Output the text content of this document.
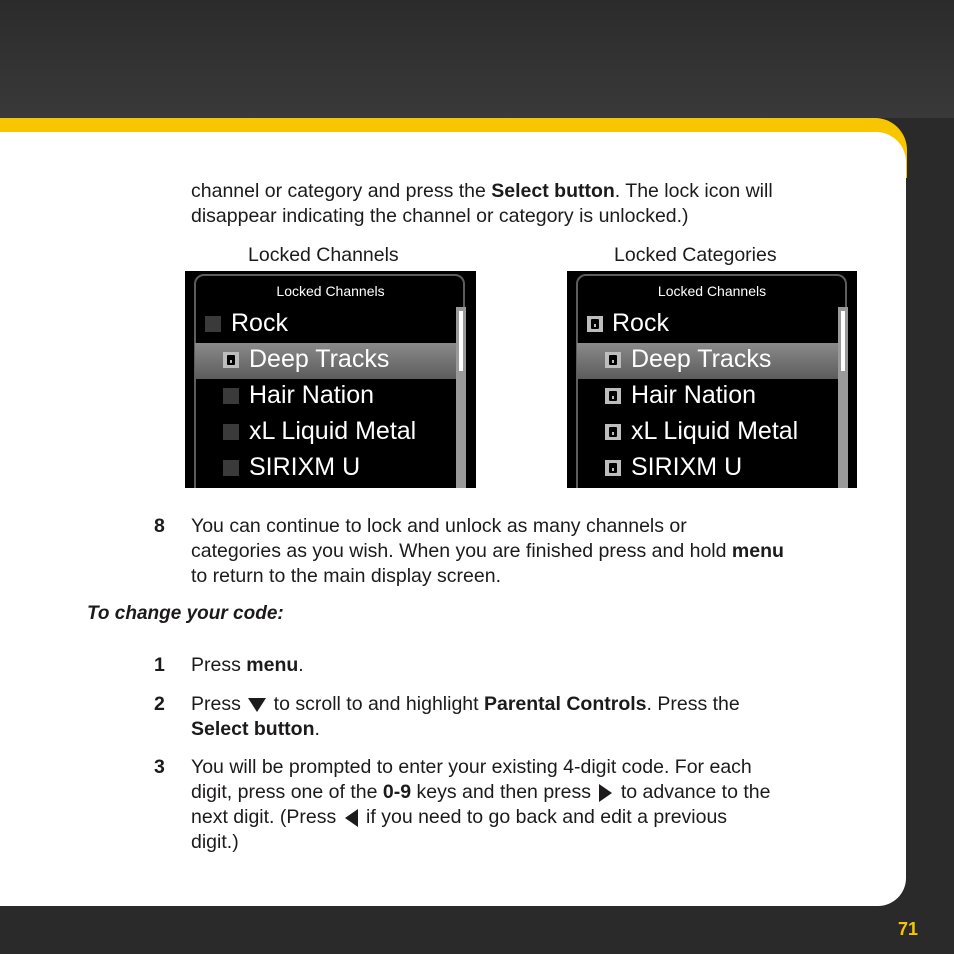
channel or category and press the Select button. The lock icon will
disappear indicating the channel or category is unlocked.)
Locked Channels	Locked Categories
Locked Channels
Rock
Deep Tracks
Hair Nation
xL Liquid Metal
SIRIXM U
Locked Channels
Rock
Deep Tracks
Hair Nation
xL Liquid Metal
SIRIXM U
8 You can continue to lock and unlock as many channels or
categories as you wish. When you are finished press and hold menu
to return to the main display screen.
To change your code:
1 Press menu.
2 Press  to scroll to and highlight Parental Controls. Press the
Select button.
3 You will be prompted to enter your existing 4-digit code. For each
digit, press one of the 0-9 keys and then press  to advance to the
next digit. (Press  if you need to go back and edit a previous
digit.)
71
